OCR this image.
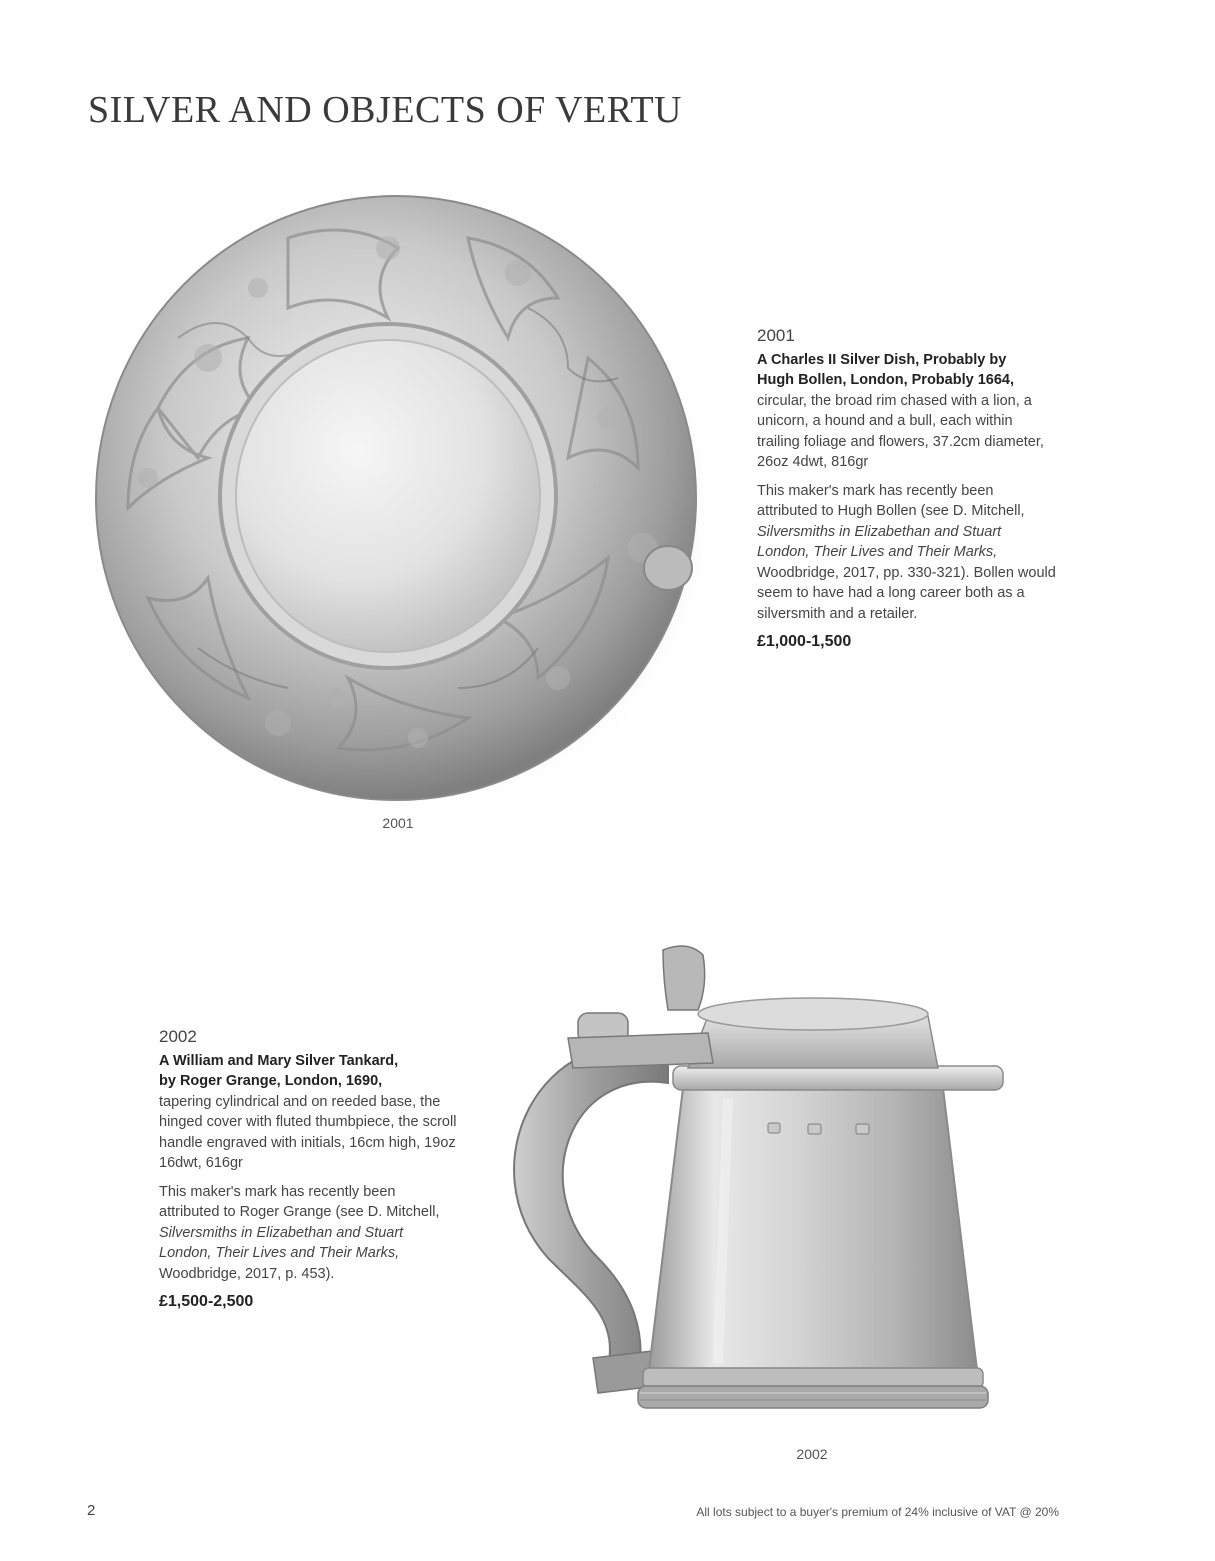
SILVER AND OBJECTS OF VERTU
2001
2001
A Charles II Silver Dish, Probably by
Hugh Bollen, London, Probably 1664,
circular, the broad rim chased with a lion, a unicorn, a hound and a bull, each within trailing foliage and flowers, 37.2cm diameter, 26oz 4dwt, 816gr
This maker's mark has recently been attributed to Hugh Bollen (see D. Mitchell, Silversmiths in Elizabethan and Stuart London, Their Lives and Their Marks, Woodbridge, 2017, pp. 330-321). Bollen would seem to have had a long career both as a silversmith and a retailer.
£1,000-1,500
2002
A William and Mary Silver Tankard,
by Roger Grange, London, 1690,
tapering cylindrical and on reeded base, the hinged cover with fluted thumbpiece, the scroll handle engraved with initials, 16cm high, 19oz 16dwt, 616gr
This maker's mark has recently been attributed to Roger Grange (see D. Mitchell, Silversmiths in Elizabethan and Stuart London, Their Lives and Their Marks, Woodbridge, 2017, p. 453).
£1,500-2,500
2002
2	All lots subject to a buyer's premium of 24% inclusive of VAT @ 20%
